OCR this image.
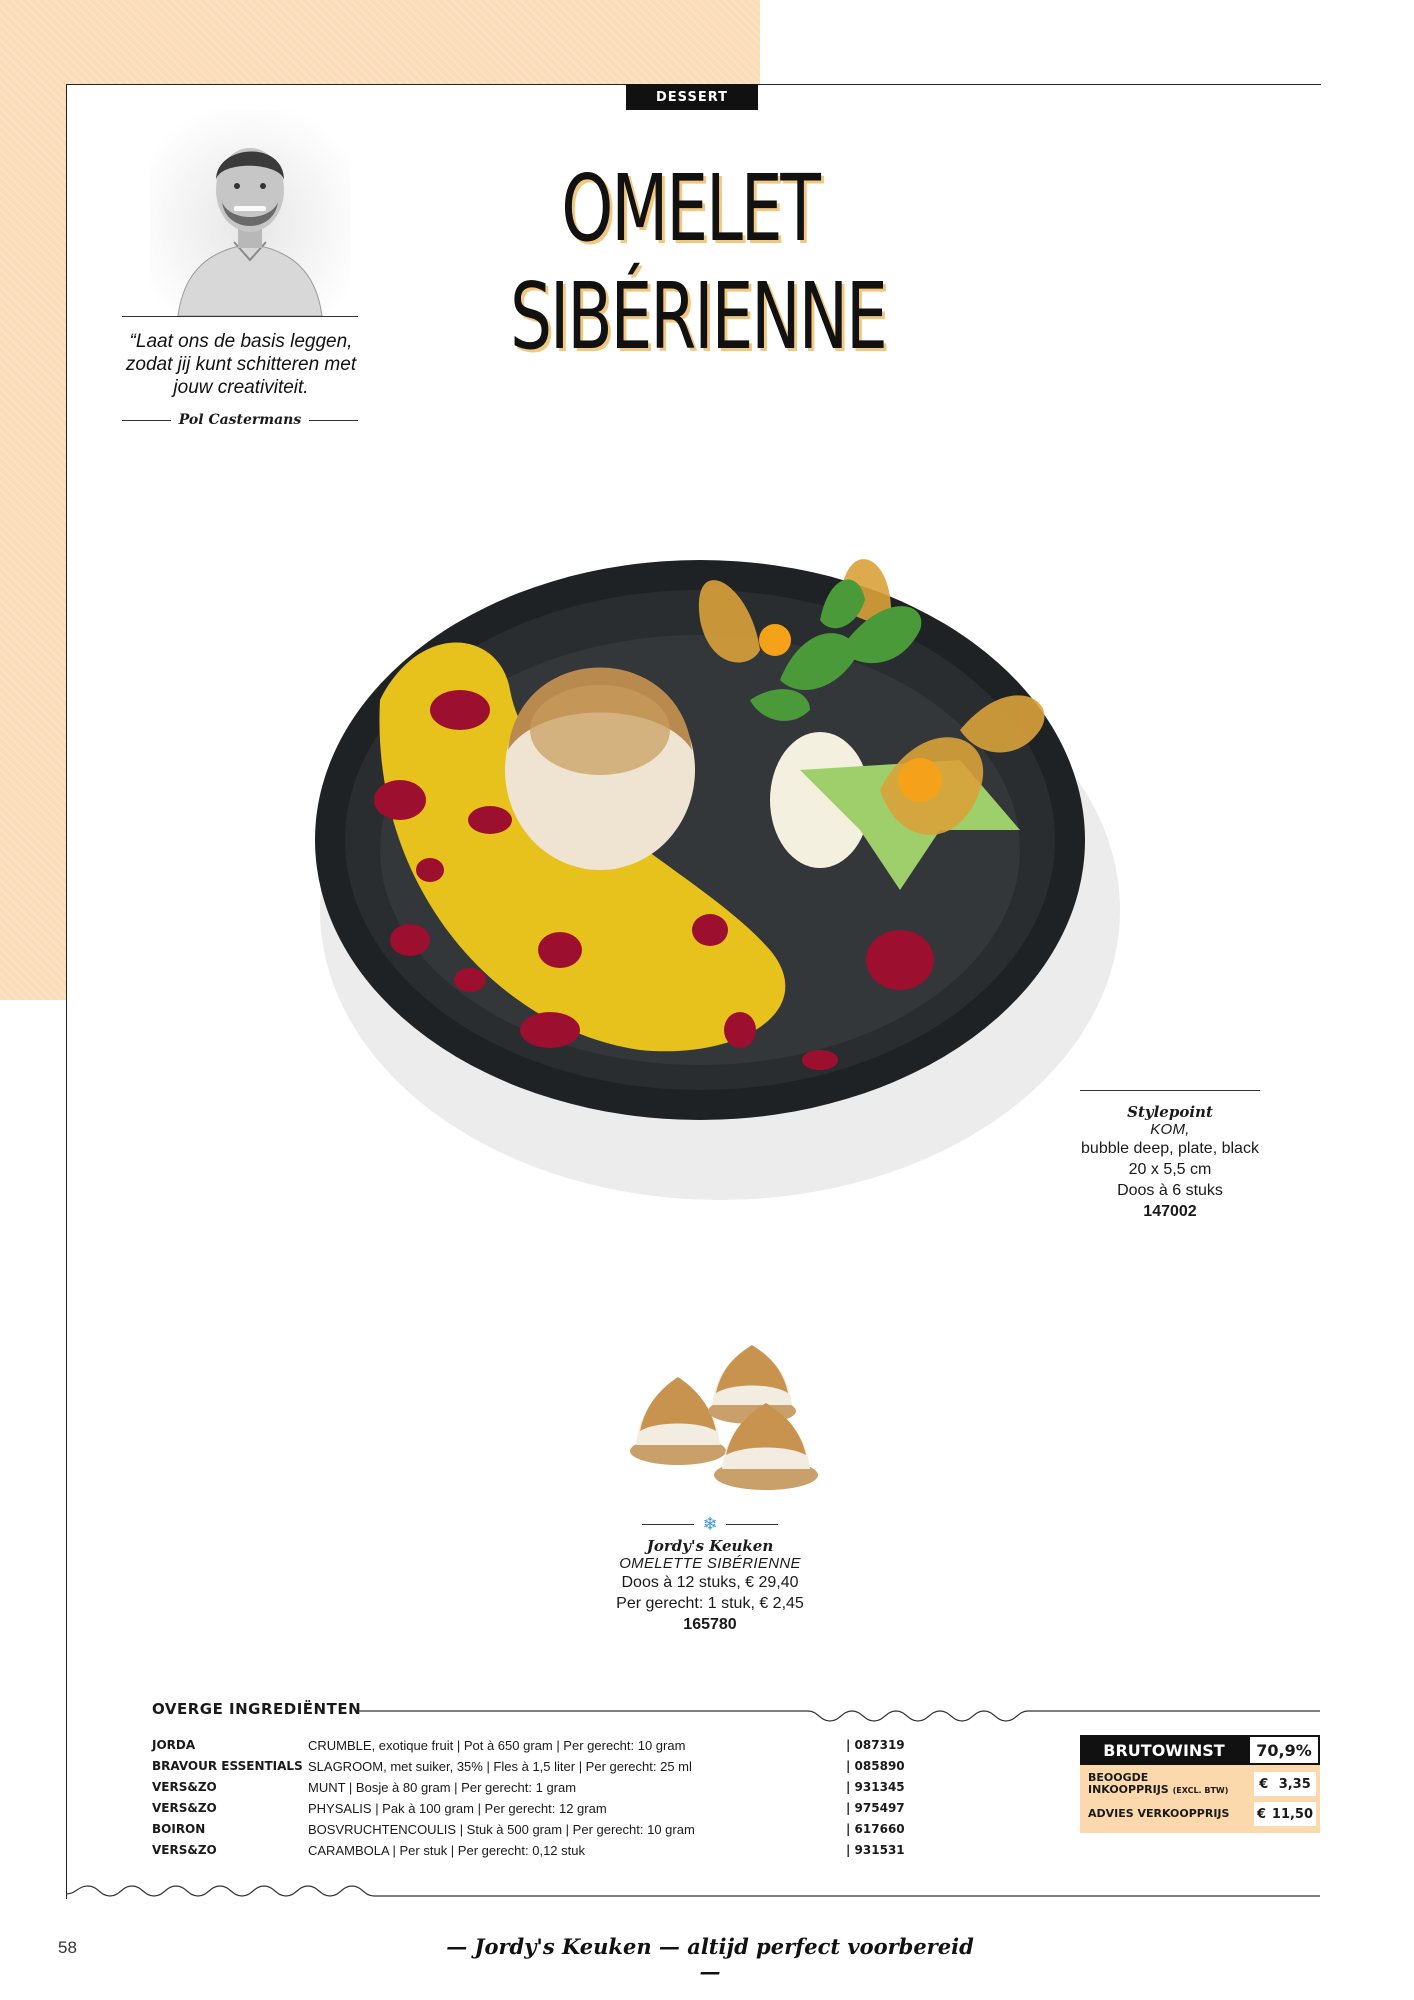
DESSERT
OMELET
SIBÉRIENNE
“Laat ons de basis leggen, zodat jij kunt schitteren met jouw creativiteit.
Pol Castermans
Stylepoint
KOM,
bubble deep, plate, black
20 x 5,5 cm
Doos à 6 stuks
147002
❄
Jordy's Keuken
OMELETTE SIBÉRIENNE
Doos à 12 stuks, € 29,40
Per gerecht: 1 stuk, € 2,45
165780
OVERGE INGREDIËNTEN
JORDA	CRUMBLE, exotique fruit | Pot à 650 gram | Per gerecht: 10 gram	| 087319
BRAVOUR ESSENTIALS	SLAGROOM, met suiker, 35% | Fles à 1,5 liter | Per gerecht: 25 ml	| 085890
VERS&ZO	MUNT | Bosje à 80 gram | Per gerecht: 1 gram	| 931345
VERS&ZO	PHYSALIS | Pak à 100 gram | Per gerecht: 12 gram	| 975497
BOIRON	BOSVRUCHTENCOULIS | Stuk à 500 gram | Per gerecht: 10 gram	| 617660
VERS&ZO	CARAMBOLA | Per stuk | Per gerecht: 0,12 stuk	| 931531
BRUTOWINST	70,9%
BEOOGDE
INKOOPPRIJS (EXCL. BTW) € 3,35
ADVIES VERKOOPPRIJS € 11,50
58	— Jordy's Keuken — altijd perfect voorbereid —
